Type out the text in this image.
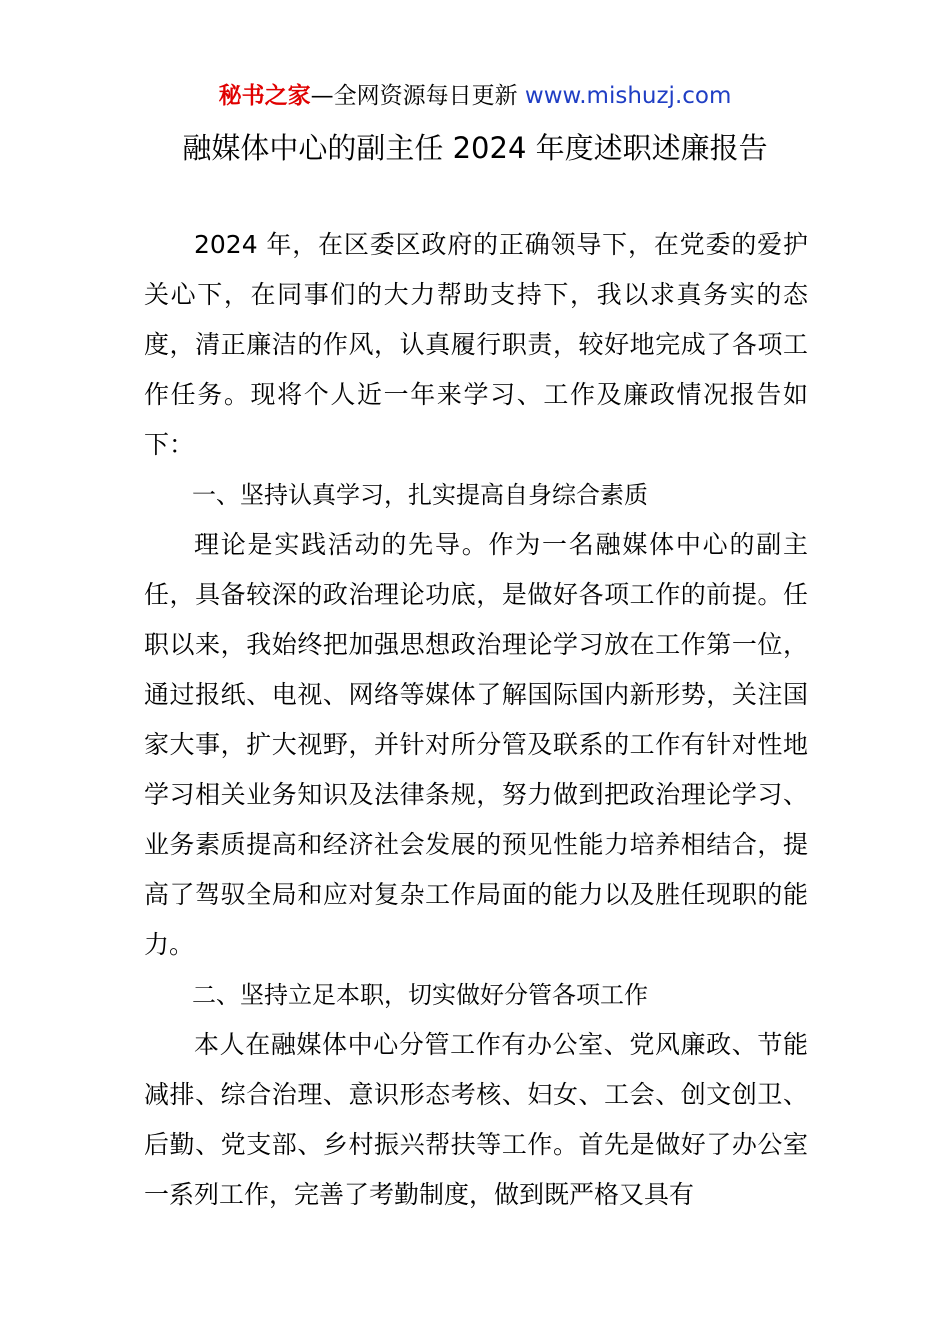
秘书之家—全网资源每日更新 www.mishuzj.com
融媒体中心的副主任 2024 年度述职述廉报告

2024 年，在区委区政府的正确领导下，在党委的爱护关心下，在同事们的大力帮助支持下，我以求真务实的态度，清正廉洁的作风，认真履行职责，较好地完成了各项工作任务。现将个人近一年来学习、工作及廉政情况报告如下：

一、坚持认真学习，扎实提高自身综合素质

理论是实践活动的先导。作为一名融媒体中心的副主任，具备较深的政治理论功底，是做好各项工作的前提。任职以来，我始终把加强思想政治理论学习放在工作第一位，通过报纸、电视、网络等媒体了解国际国内新形势，关注国家大事，扩大视野，并针对所分管及联系的工作有针对性地学习相关业务知识及法律条规，努力做到把政治理论学习、业务素质提高和经济社会发展的预见性能力培养相结合，提高了驾驭全局和应对复杂工作局面的能力以及胜任现职的能力。

二、坚持立足本职，切实做好分管各项工作

本人在融媒体中心分管工作有办公室、党风廉政、节能减排、综合治理、意识形态考核、妇女、工会、创文创卫、后勤、党支部、乡村振兴帮扶等工作。首先是做好了办公室一系列工作，完善了考勤制度，做到既严格又具有
